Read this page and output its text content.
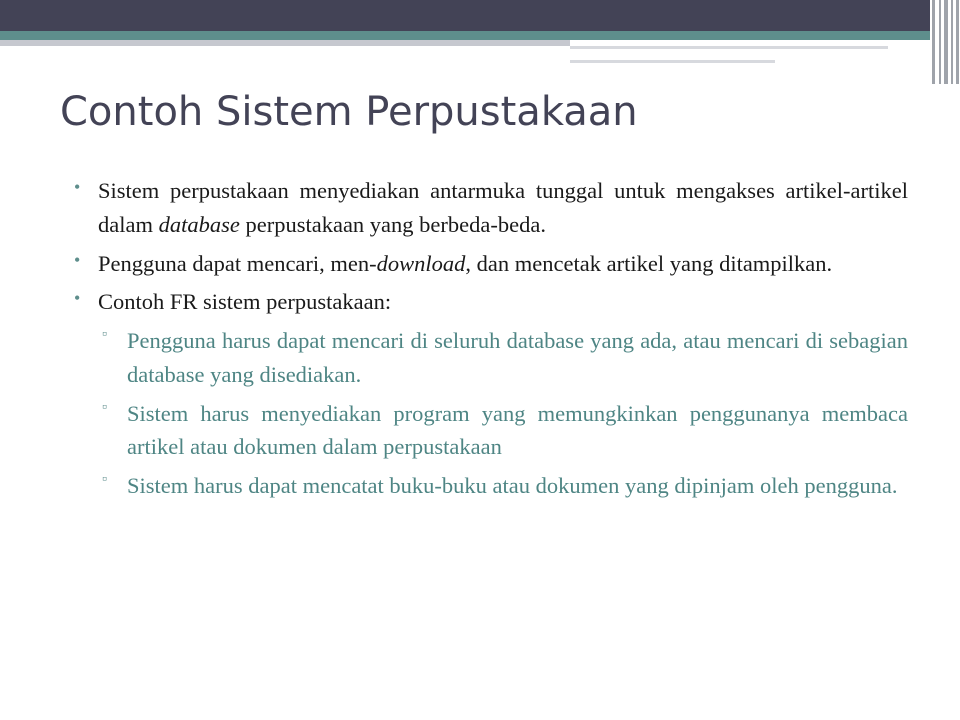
Contoh Sistem Perpustakaan
• Sistem perpustakaan menyediakan antarmuka tunggal untuk mengakses artikel-artikel dalam database perpustakaan yang berbeda-beda.
• Pengguna dapat mencari, men-download, dan mencetak artikel yang ditampilkan.
• Contoh FR sistem perpustakaan:
▫ Pengguna harus dapat mencari di seluruh database yang ada, atau mencari di sebagian database yang disediakan.
▫ Sistem harus menyediakan program yang memungkinkan penggunanya membaca artikel atau dokumen dalam perpustakaan
▫ Sistem harus dapat mencatat buku-buku atau dokumen yang dipinjam oleh pengguna.
